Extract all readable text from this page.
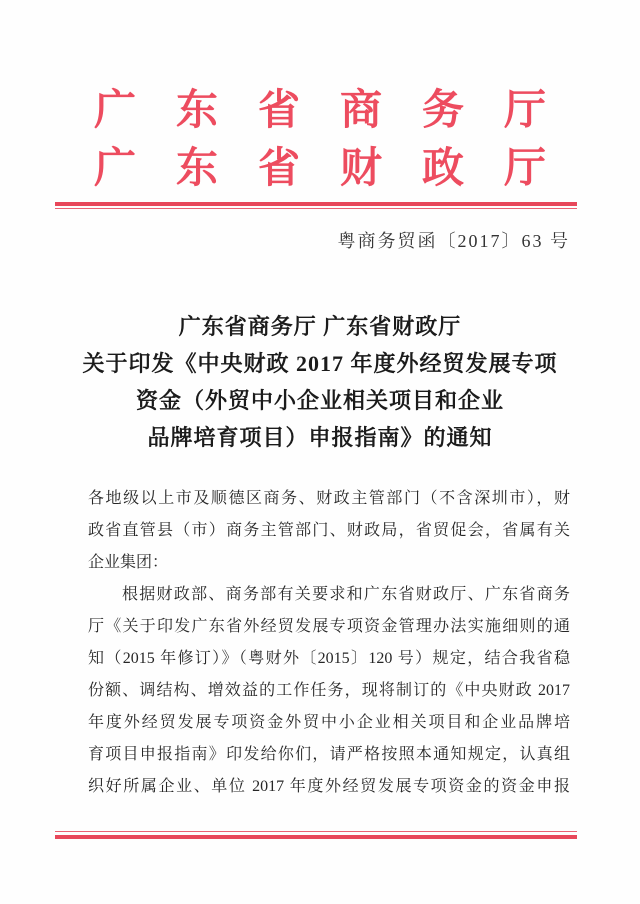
广东省商务厅
广东省财政厅
粤商务贸函〔2017〕63 号
广东省商务厅 广东省财政厅
关于印发《中央财政 2017 年度外经贸发展专项
资金（外贸中小企业相关项目和企业
品牌培育项目）申报指南》的通知
各地级以上市及顺德区商务、财政主管部门（不含深圳市），财
政省直管县（市）商务主管部门、财政局，省贸促会，省属有关
企业集团：
根据财政部、商务部有关要求和广东省财政厅、广东省商务
厅《关于印发广东省外经贸发展专项资金管理办法实施细则的通
知（2015 年修订）》（粤财外〔2015〕120 号）规定，结合我省稳
份额、调结构、增效益的工作任务，现将制订的《中央财政 2017
年度外经贸发展专项资金外贸中小企业相关项目和企业品牌培
育项目申报指南》印发给你们，请严格按照本通知规定，认真组
织好所属企业、单位 2017 年度外经贸发展专项资金的资金申报
